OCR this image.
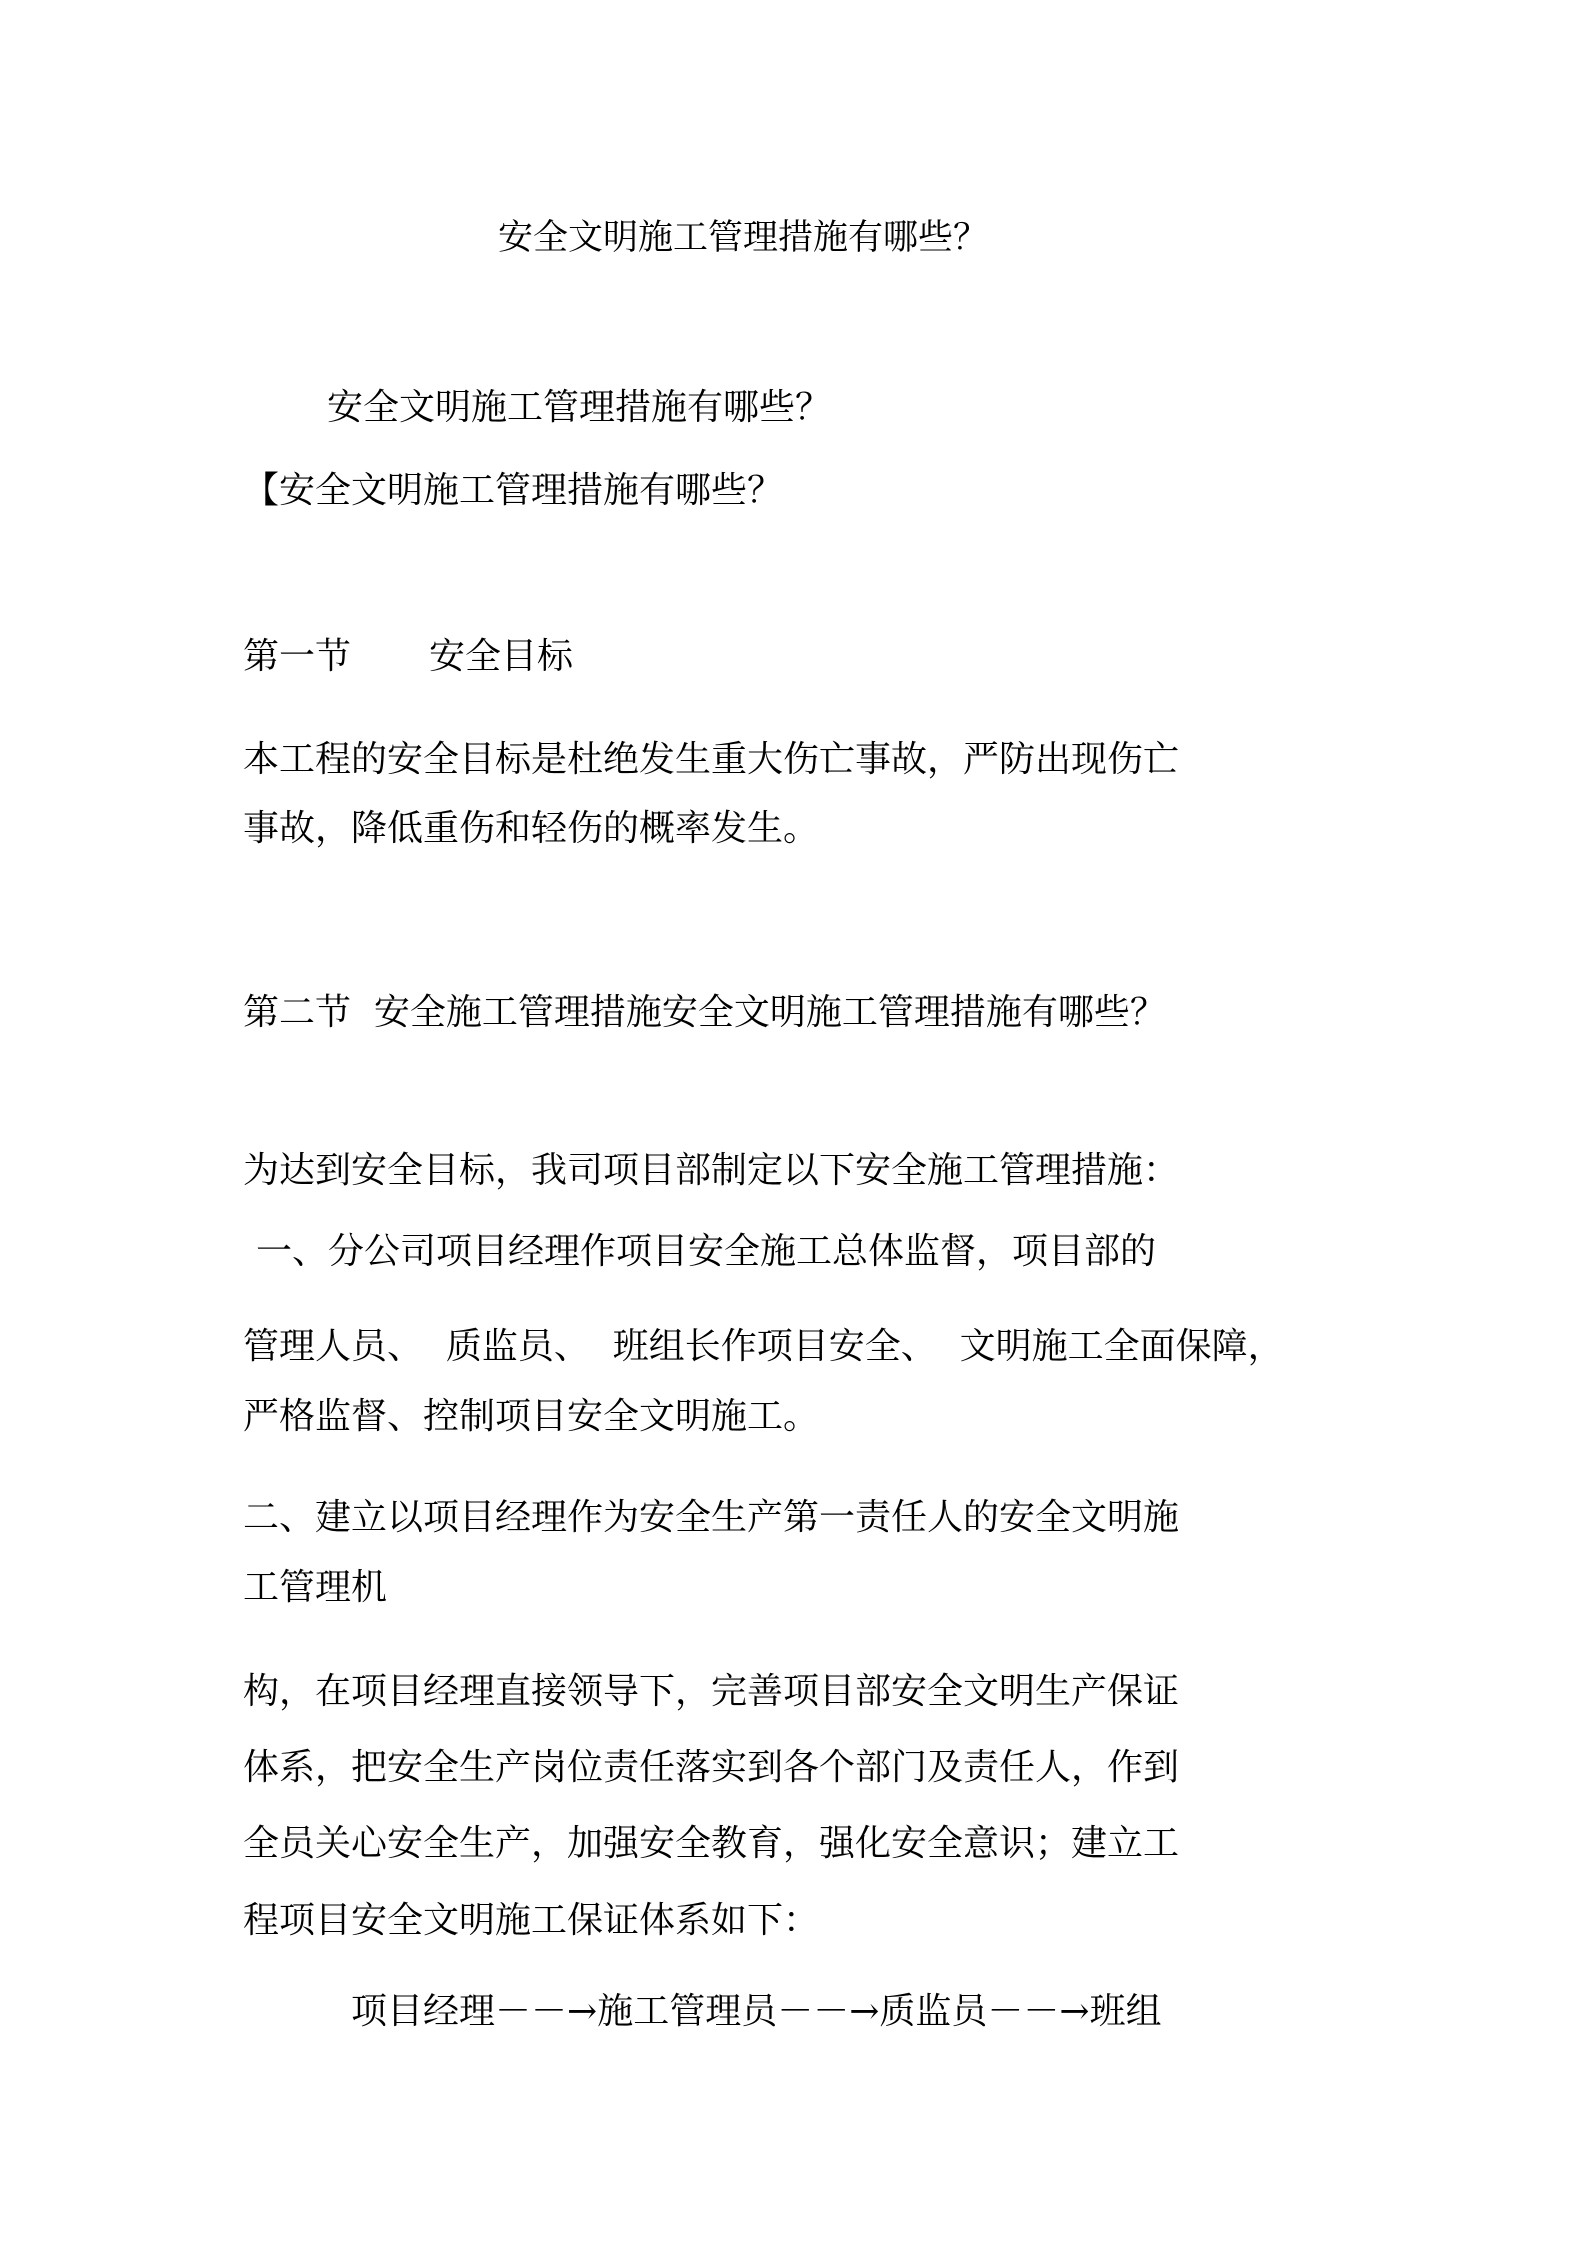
安全文明施工管理措施有哪些？
安全文明施工管理措施有哪些？
【安全文明施工管理措施有哪些？
第一节 安全目标
本工程的安全目标是杜绝发生重大伤亡事故，严防出现伤亡
事故，降低重伤和轻伤的概率发生。
第二节  安全施工管理措施安全文明施工管理措施有哪些？
为达到安全目标，我司项目部制定以下安全施工管理措施：
一、分公司项目经理作项目安全施工总体监督，项目部的
管理人员、  质监员、  班组长作项目安全、  文明施工全面保障，
严格监督、控制项目安全文明施工。
二、建立以项目经理作为安全生产第一责任人的安全文明施
工管理机
构，在项目经理直接领导下，完善项目部安全文明生产保证
体系，把安全生产岗位责任落实到各个部门及责任人，作到
全员关心安全生产，加强安全教育，强化安全意识；建立工
程项目安全文明施工保证体系如下：
项目经理－－→施工管理员－－→质监员－－→班组
